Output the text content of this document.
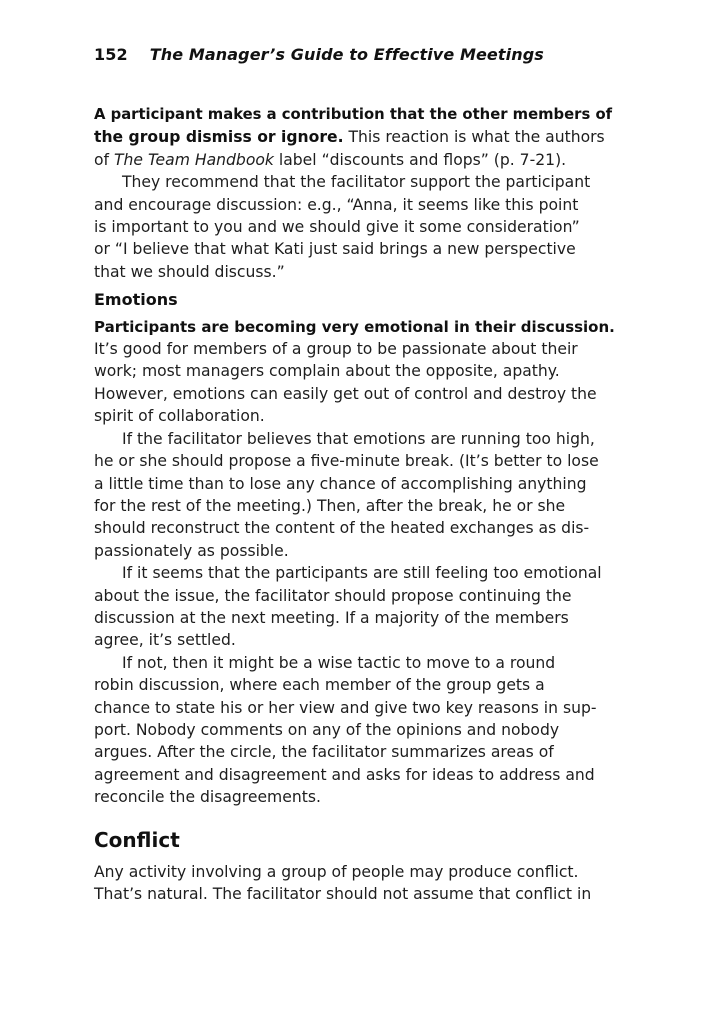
152 The Manager’s Guide to Effective Meetings
A participant makes a contribution that the other members of
the group dismiss or ignore. This reaction is what the authors
of The Team Handbook label “discounts and flops” (p. 7-21).
They recommend that the facilitator support the participant
and encourage discussion: e.g., “Anna, it seems like this point
is important to you and we should give it some consideration”
or “I believe that what Kati just said brings a new perspective
that we should discuss.”
Emotions
Participants are becoming very emotional in their discussion.
It’s good for members of a group to be passionate about their
work; most managers complain about the opposite, apathy.
However, emotions can easily get out of control and destroy the
spirit of collaboration.
If the facilitator believes that emotions are running too high,
he or she should propose a five-minute break. (It’s better to lose
a little time than to lose any chance of accomplishing anything
for the rest of the meeting.) Then, after the break, he or she
should reconstruct the content of the heated exchanges as dis-
passionately as possible.
If it seems that the participants are still feeling too emotional
about the issue, the facilitator should propose continuing the
discussion at the next meeting. If a majority of the members
agree, it’s settled.
If not, then it might be a wise tactic to move to a round
robin discussion, where each member of the group gets a
chance to state his or her view and give two key reasons in sup-
port. Nobody comments on any of the opinions and nobody
argues. After the circle, the facilitator summarizes areas of
agreement and disagreement and asks for ideas to address and
reconcile the disagreements.
Conflict
Any activity involving a group of people may produce conflict.
That’s natural. The facilitator should not assume that conflict in
